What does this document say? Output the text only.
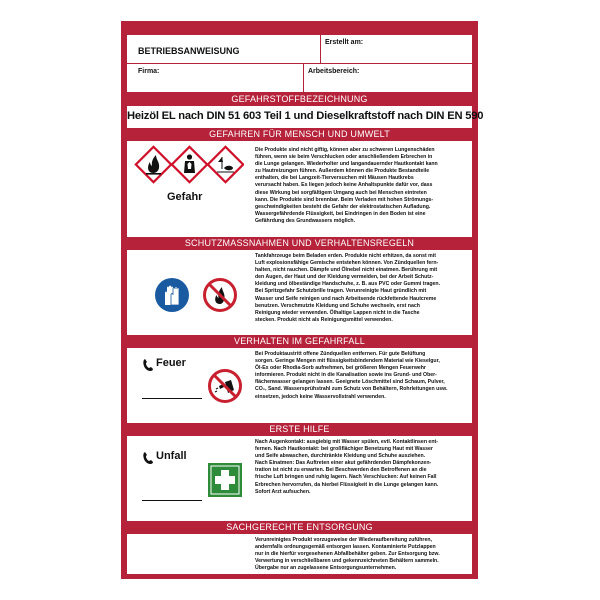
BETRIEBSANWEISUNG
Erstellt am:
Firma:	Arbeitsbereich:
GEFAHRSTOFFBEZEICHNUNG
Heizöl EL nach DIN 51 603 Teil 1 und Dieselkraftstoff nach DIN EN 590
GEFAHREN FÜR MENSCH UND UMWELT
Gefahr
Die Produkte sind nicht giftig, können aber zu schweren Lungenschäden
führen, wenn sie beim Verschlucken oder anschließendem Erbrechen in
die Lunge gelangen. Wiederholter und langandauernder Hautkontakt kann
zu Hautreizungen führen. Außerdem können die Produkte Bestandteile
enthalten, die bei Langzeit-Tierversuchen mit Mäusen Hautkrebs
verursacht haben. Es liegen jedoch keine Anhaltspunkte dafür vor, dass
diese Wirkung bei sorgfältigem Umgang auch bei Menschen eintreten
kann. Die Produkte sind brennbar. Beim Verladen mit hohen Strömungs-
geschwindigkeiten besteht die Gefahr der elektrostatischen Aufladung.
Wassergefährdende Flüssigkeit, bei Eindringen in den Boden ist eine
Gefährdung des Grundwassers möglich.
SCHUTZMASSNAHMEN UND VERHALTENSREGELN
Tankfahrzeuge beim Beladen erden. Produkte nicht erhitzen, da sonst mit
Luft explosionsfähige Gemische entstehen können. Von Zündquellen fern-
halten, nicht rauchen. Dämpfe und Ölnebel nicht einatmen. Berührung mit
den Augen, der Haut und der Kleidung vermeiden, bei der Arbeit Schutz-
kleidung und ölbeständige Handschuhe, z. B. aus PVC oder Gummi tragen.
Bei Spritzgefahr Schutzbrille tragen. Verunreinigte Haut gründlich mit
Wasser und Seife reinigen und nach Arbeitsende rückfettende Hautcreme
benutzen. Verschmutzte Kleidung und Schuhe wechseln, erst nach
Reinigung wieder verwenden. Ölhaltige Lappen nicht in die Tasche
stecken. Produkt nicht als Reinigungsmittel verwenden.
VERHALTEN IM GEFAHRFALL
Feuer
Bei Produktaustritt offene Zündquellen entfernen. Für gute Belüftung
sorgen. Geringe Mengen mit flüssigkeitsbindendem Material wie Kieselgur,
Öl-Ex oder Rhodia-Sorb aufnehmen, bei größeren Mengen Feuerwehr
informieren. Produkt nicht in die Kanalisation sowie ins Grund- und Ober-
flächenwasser gelangen lassen. Geeignete Löschmittel sind Schaum, Pulver,
CO₂, Sand. Wassersprühstrahl zum Schutz von Behältern, Rohrleitungen usw.
einsetzen, jedoch keine Wasservollstrahl verwenden.
ERSTE HILFE
Unfall
Nach Augenkontakt: ausgiebig mit Wasser spülen, evtl. Kontaktlinsen ent-
fernen. Nach Hautkontakt: bei großflächiger Benetzung Haut mit Wasser
und Seife abwaschen, durchtränkte Kleidung und Schuhe ausziehen.
Nach Einatmen: Das Auftreten einer akut gefährdenden Dämpfekonzen-
tration ist nicht zu erwarten. Bei Beschwerden den Betroffenen an die
frische Luft bringen und ruhig lagern. Nach Verschlucken: Auf keinen Fall
Erbrechen hervorrufen, da hierbei Flüssigkeit in die Lunge gelangen kann.
Sofort Arzt aufsuchen.
SACHGERECHTE ENTSORGUNG
Verunreinigtes Produkt vorzugsweise der Wiederaufbereitung zuführen,
andernfalls ordnungsgemäß entsorgen lassen. Kontaminierte Putzlappen
nur in die hierfür vorgesehenen Abfallbehälter geben. Zur Entsorgung bzw.
Verwertung in verschließbaren und gekennzeichneten Behältern sammeln.
Übergabe nur an zugelassene Entsorgungsunternehmen.
